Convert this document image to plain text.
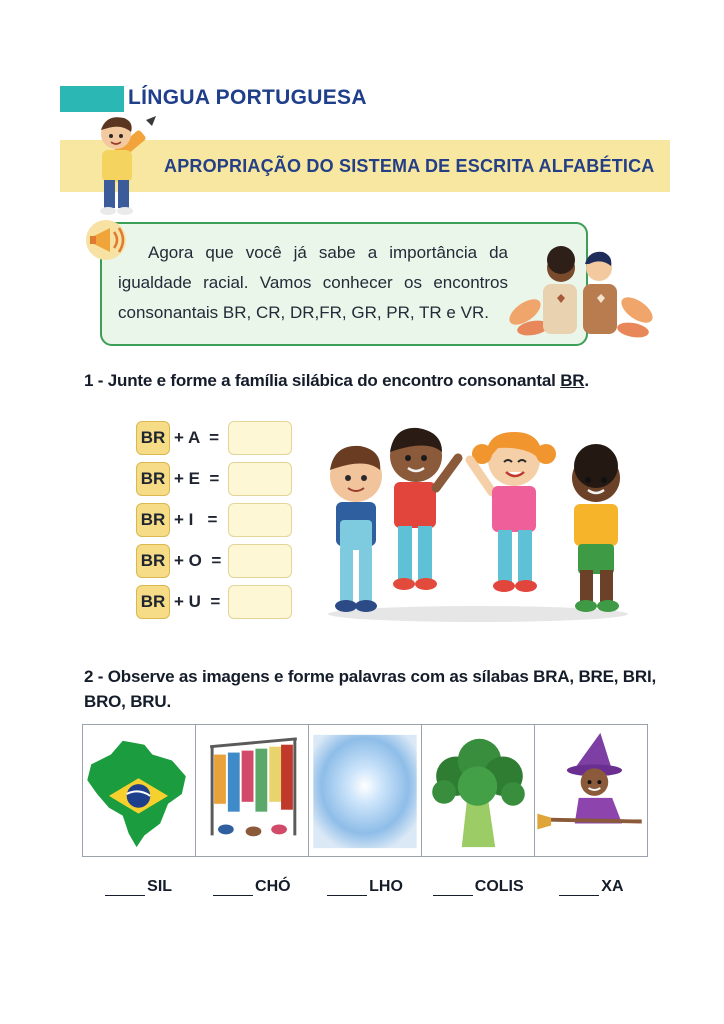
LÍNGUA PORTUGUESA
APROPRIAÇÃO DO SISTEMA DE ESCRITA ALFABÉTICA
Agora que você já sabe a importância da igualdade racial. Vamos conhecer os encontros consonantais BR, CR, DR,FR, GR, PR, TR e VR.
1 - Junte e forme a família silábica do encontro consonantal BR.
BR + A  =
BR + E  =
BR + I   =
BR + O  =
BR + U  =
2 - Observe as imagens e forme palavras com as sílabas BRA, BRE, BRI, BRO, BRU.
SIL	CHÓ	LHO	COLIS	XA
